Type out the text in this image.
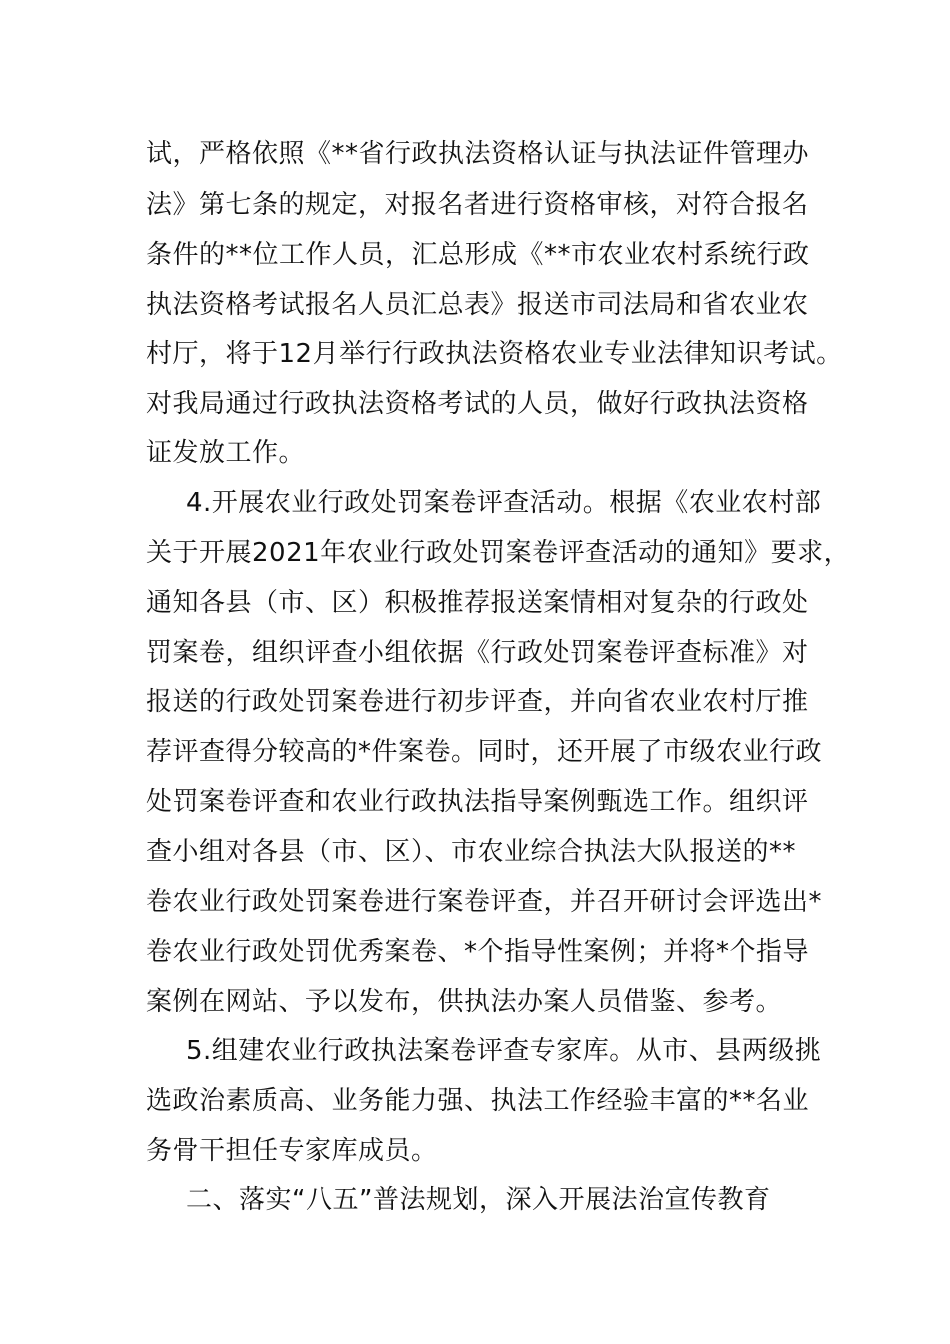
试，严格依照《**省行政执法资格认证与执法证件管理办
法》第七条的规定，对报名者进行资格审核，对符合报名
条件的**位工作人员，汇总形成《**市农业农村系统行政
执法资格考试报名人员汇总表》报送市司法局和省农业农
村厅，将于12月举行行政执法资格农业专业法律知识考试。
对我局通过行政执法资格考试的人员，做好行政执法资格
证发放工作。
4.开展农业行政处罚案卷评查活动。根据《农业农村部
关于开展2021年农业行政处罚案卷评查活动的通知》要求，
通知各县（市、区）积极推荐报送案情相对复杂的行政处
罚案卷，组织评查小组依据《行政处罚案卷评查标准》对
报送的行政处罚案卷进行初步评查，并向省农业农村厅推
荐评查得分较高的*件案卷。同时，还开展了市级农业行政
处罚案卷评查和农业行政执法指导案例甄选工作。组织评
查小组对各县（市、区）、市农业综合执法大队报送的**
卷农业行政处罚案卷进行案卷评查，并召开研讨会评选出*
卷农业行政处罚优秀案卷、*个指导性案例；并将*个指导
案例在网站、予以发布，供执法办案人员借鉴、参考。
5.组建农业行政执法案卷评查专家库。从市、县两级挑
选政治素质高、业务能力强、执法工作经验丰富的**名业
务骨干担任专家库成员。
二、落实“八五”普法规划，深入开展法治宣传教育
